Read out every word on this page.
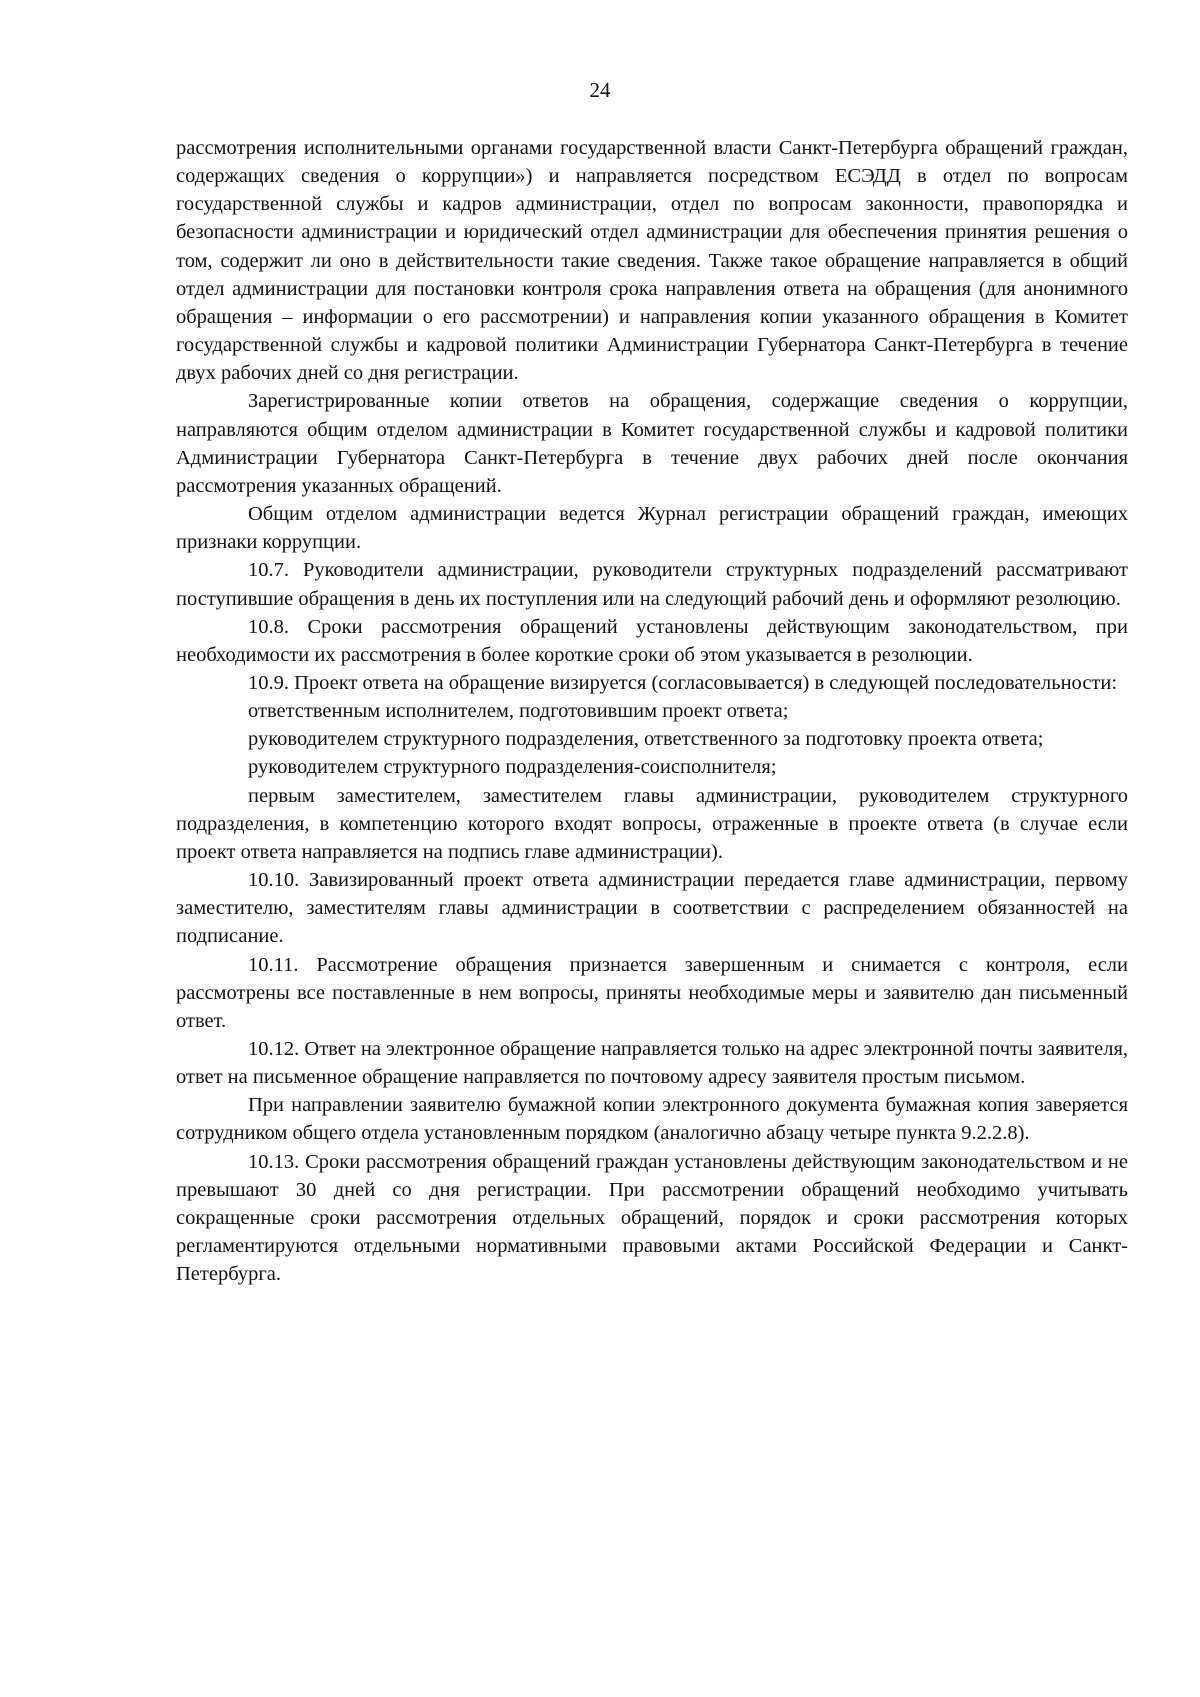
24

рассмотрения исполнительными органами государственной власти Санкт-Петербурга обращений граждан, содержащих сведения о коррупции») и направляется посредством ЕСЭДД в отдел по вопросам государственной службы и кадров администрации, отдел по вопросам законности, правопорядка и безопасности администрации и юридический отдел администрации для обеспечения принятия решения о том, содержит ли оно в действительности такие сведения. Также такое обращение направляется в общий отдел администрации для постановки контроля срока направления ответа на обращения (для анонимного обращения – информации о его рассмотрении) и направления копии указанного обращения в Комитет государственной службы и кадровой политики Администрации Губернатора Санкт-Петербурга в течение двух рабочих дней со дня регистрации.

Зарегистрированные копии ответов на обращения, содержащие сведения о коррупции, направляются общим отделом администрации в Комитет государственной службы и кадровой политики Администрации Губернатора Санкт-Петербурга в течение двух рабочих дней после окончания рассмотрения указанных обращений.

Общим отделом администрации ведется Журнал регистрации обращений граждан, имеющих признаки коррупции.

10.7. Руководители администрации, руководители структурных подразделений рассматривают поступившие обращения в день их поступления или на следующий рабочий день и оформляют резолюцию.

10.8. Сроки рассмотрения обращений установлены действующим законодательством, при необходимости их рассмотрения в более короткие сроки об этом указывается в резолюции.

10.9. Проект ответа на обращение визируется (согласовывается) в следующей последовательности:

ответственным исполнителем, подготовившим проект ответа;

руководителем структурного подразделения, ответственного за подготовку проекта ответа;

руководителем структурного подразделения-соисполнителя;

первым заместителем, заместителем главы администрации, руководителем структурного подразделения, в компетенцию которого входят вопросы, отраженные в проекте ответа (в случае если проект ответа направляется на подпись главе администрации).

10.10. Завизированный проект ответа администрации передается главе администрации, первому заместителю, заместителям главы администрации в соответствии с распределением обязанностей на подписание.

10.11. Рассмотрение обращения признается завершенным и снимается с контроля, если рассмотрены все поставленные в нем вопросы, приняты необходимые меры и заявителю дан письменный ответ.

10.12. Ответ на электронное обращение направляется только на адрес электронной почты заявителя, ответ на письменное обращение направляется по почтовому адресу заявителя простым письмом.

При направлении заявителю бумажной копии электронного документа бумажная копия заверяется сотрудником общего отдела установленным порядком (аналогично абзацу четыре пункта 9.2.2.8).

10.13. Сроки рассмотрения обращений граждан установлены действующим законодательством и не превышают 30 дней со дня регистрации. При рассмотрении обращений необходимо учитывать сокращенные сроки рассмотрения отдельных обращений, порядок и сроки рассмотрения которых регламентируются отдельными нормативными правовыми актами Российской Федерации и Санкт-Петербурга.
